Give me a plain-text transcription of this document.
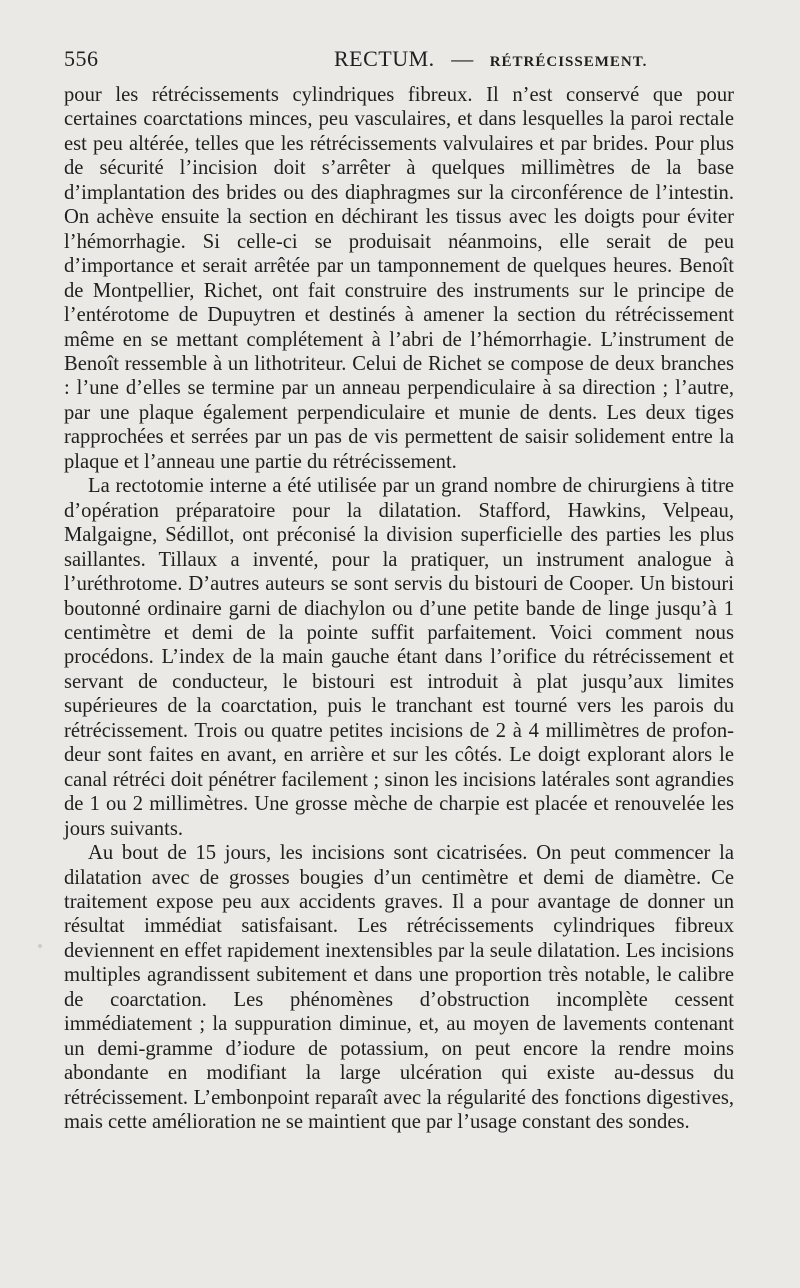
556	RECTUM. — RÉTRÉCISSEMENT.

pour les rétrécissements cylindriques fibreux. Il n’est conservé que pour certaines coarctations minces, peu vasculaires, et dans lesquelles la paroi rectale est peu altérée, telles que les rétrécissements valvulaires et par brides. Pour plus de sécurité l’incision doit s’arrêter à quelques millimètres de la base d’implantation des brides ou des diaphragmes sur la circonférence de l’intestin. On achève ensuite la section en déchirant les tissus avec les doigts pour éviter l’hémorrhagie. Si celle-ci se produisait néanmoins, elle serait de peu d’importance et serait arrêtée par un tamponnement de quelques heures. Benoît de Montpellier, Richet, ont fait construire des instruments sur le principe de l’entérotome de Dupuytren et destinés à amener la section du rétrécissement même en se mettant complétement à l’abri de l’hémorrhagie. L’instrument de Benoît ressemble à un lithotriteur. Celui de Richet se compose de deux branches : l’une d’elles se termine par un anneau perpendiculaire à sa direction ; l’autre, par une plaque également perpendiculaire et munie de dents. Les deux tiges rapprochées et serrées par un pas de vis permettent de saisir solidement entre la plaque et l’anneau une partie du rétrécissement.

La rectotomie interne a été utilisée par un grand nombre de chirurgiens à titre d’opération préparatoire pour la dilatation. Stafford, Hawkins, Velpeau, Malgaigne, Sédillot, ont préconisé la division superficielle des parties les plus saillantes. Tillaux a inventé, pour la pratiquer, un instrument analogue à l’uréthrotome. D’autres auteurs se sont servis du bistouri de Cooper. Un bistouri boutonné ordinaire garni de diachylon ou d’une petite bande de linge jusqu’à 1 centimètre et demi de la pointe suffit parfaitement. Voici comment nous procédons. L’index de la main gauche étant dans l’orifice du rétrécissement et servant de conducteur, le bistouri est introduit à plat jusqu’aux limites supérieures de la coarctation, puis le tranchant est tourné vers les parois du rétrécissement. Trois ou quatre petites incisions de 2 à 4 millimètres de profondeur sont faites en avant, en arrière et sur les côtés. Le doigt explorant alors le canal rétréci doit pénétrer facilement ; sinon les incisions latérales sont agrandies de 1 ou 2 millimètres. Une grosse mèche de charpie est placée et renouvelée les jours suivants.

Au bout de 15 jours, les incisions sont cicatrisées. On peut commencer la dilatation avec de grosses bougies d’un centimètre et demi de diamètre. Ce traitement expose peu aux accidents graves. Il a pour avantage de donner un résultat immédiat satisfaisant. Les rétrécissements cylindriques fibreux deviennent en effet rapidement inextensibles par la seule dilatation. Les incisions multiples agrandissent subitement et dans une proportion très notable, le calibre de coarctation. Les phénomènes d’obstruction incomplète cessent immédiatement ; la suppuration diminue, et, au moyen de lavements contenant un demi-gramme d’iodure de potassium, on peut encore la rendre moins abondante en modifiant la large ulcération qui existe au-dessus du rétrécissement. L’embonpoint reparaît avec la régularité des fonctions digestives, mais cette amélioration ne se maintient que par l’usage constant des sondes.
